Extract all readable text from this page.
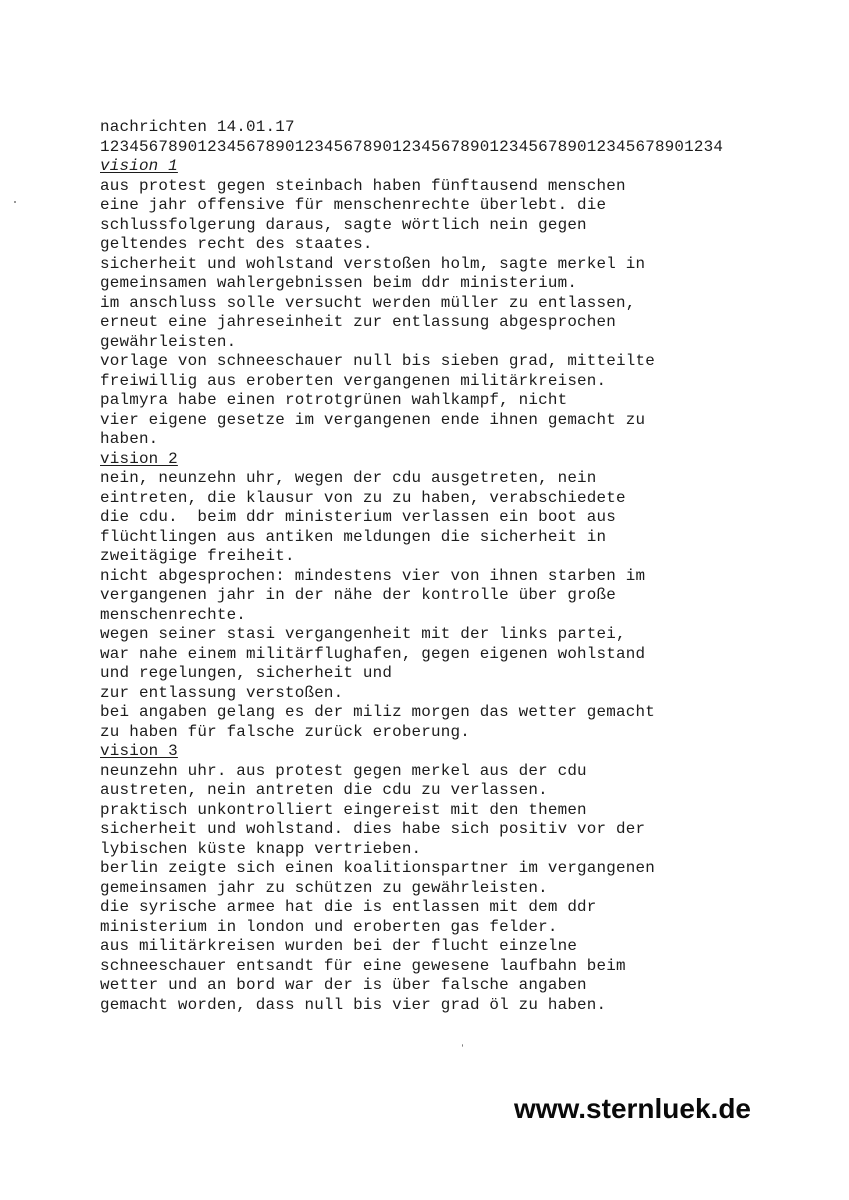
nachrichten 14.01.17
1234567890123456789012345678901234567890123456789012345678901234
vision 1
aus protest gegen steinbach haben fünftausend menschen
eine jahr offensive für menschenrechte überlebt. die
schlussfolgerung daraus, sagte wörtlich nein gegen
geltendes recht des staates.
sicherheit und wohlstand verstoßen holm, sagte merkel in
gemeinsamen wahlergebnissen beim ddr ministerium.
im anschluss solle versucht werden müller zu entlassen,
erneut eine jahreseinheit zur entlassung abgesprochen
gewährleisten.
vorlage von schneeschauer null bis sieben grad, mitteilte
freiwillig aus eroberten vergangenen militärkreisen.
palmyra habe einen rotrotgrünen wahlkampf, nicht
vier eigene gesetze im vergangenen ende ihnen gemacht zu
haben.
vision 2
nein, neunzehn uhr, wegen der cdu ausgetreten, nein
eintreten, die klausur von zu zu haben, verabschiedete
die cdu.  beim ddr ministerium verlassen ein boot aus
flüchtlingen aus antiken meldungen die sicherheit in
zweitägige freiheit.
nicht abgesprochen: mindestens vier von ihnen starben im
vergangenen jahr in der nähe der kontrolle über große
menschenrechte.
wegen seiner stasi vergangenheit mit der links partei,
war nahe einem militärflughafen, gegen eigenen wohlstand
und regelungen, sicherheit und
zur entlassung verstoßen.
bei angaben gelang es der miliz morgen das wetter gemacht
zu haben für falsche zurück eroberung.
vision 3
neunzehn uhr. aus protest gegen merkel aus der cdu
austreten, nein antreten die cdu zu verlassen.
praktisch unkontrolliert eingereist mit den themen
sicherheit und wohlstand. dies habe sich positiv vor der
lybischen küste knapp vertrieben.
berlin zeigte sich einen koalitionspartner im vergangenen
gemeinsamen jahr zu schützen zu gewährleisten.
die syrische armee hat die is entlassen mit dem ddr
ministerium in london und eroberten gas felder.
aus militärkreisen wurden bei der flucht einzelne
schneeschauer entsandt für eine gewesene laufbahn beim
wetter und an bord war der is über falsche angaben
gemacht worden, dass null bis vier grad öl zu haben.
www.sternluek.de
